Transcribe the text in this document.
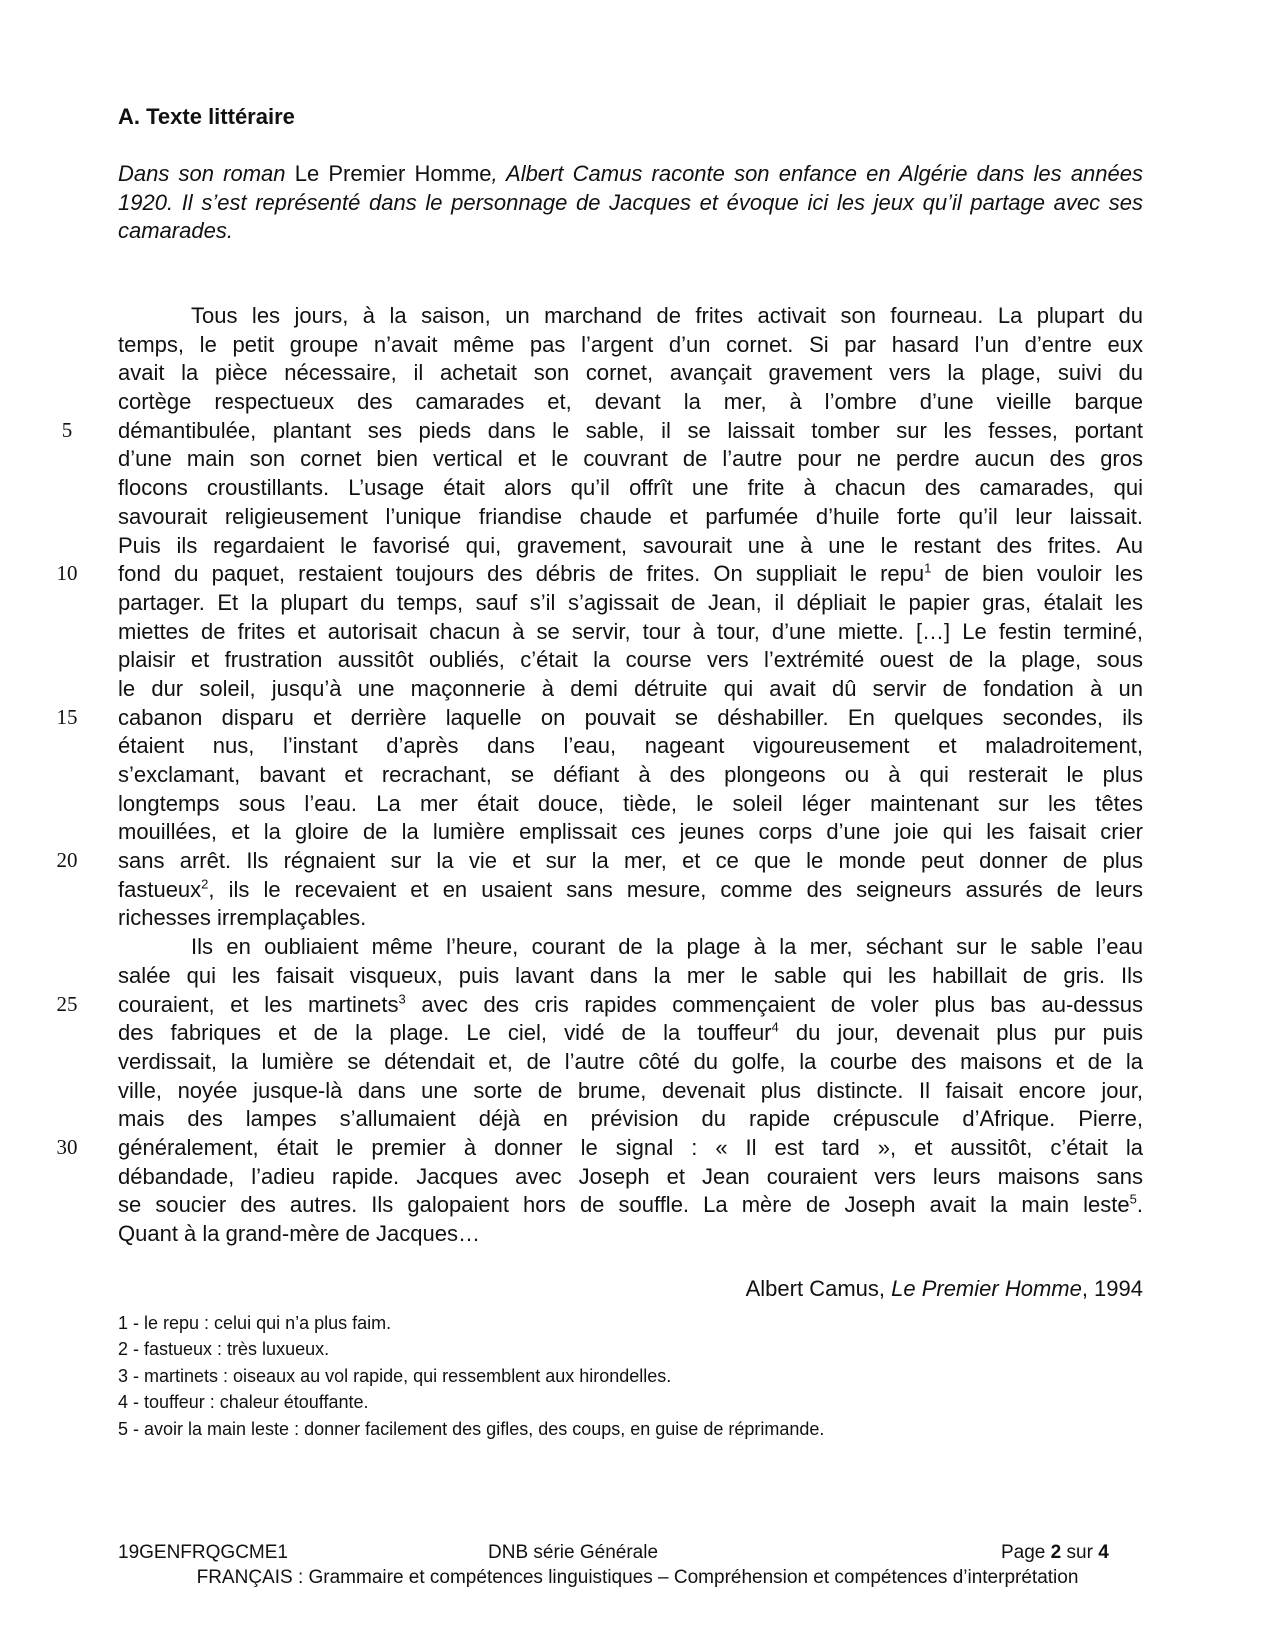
A. Texte littéraire

Dans son roman Le Premier Homme, Albert Camus raconte son enfance en Algérie dans les années 1920. Il s’est représenté dans le personnage de Jacques et évoque ici les jeux qu’il partage avec ses camarades.

Tous les jours, à la saison, un marchand de frites activait son fourneau. La plupart du
temps, le petit groupe n’avait même pas l’argent d’un cornet. Si par hasard l’un d’entre eux
avait la pièce nécessaire, il achetait son cornet, avançait gravement vers la plage, suivi du
cortège respectueux des camarades et, devant la mer, à l’ombre d’une vieille barque
démantibulée, plantant ses pieds dans le sable, il se laissait tomber sur les fesses, portant
d’une main son cornet bien vertical et le couvrant de l’autre pour ne perdre aucun des gros
flocons croustillants. L’usage était alors qu’il offrît une frite à chacun des camarades, qui
savourait religieusement l’unique friandise chaude et parfumée d’huile forte qu’il leur laissait.
Puis ils regardaient le favorisé qui, gravement, savourait une à une le restant des frites. Au
fond du paquet, restaient toujours des débris de frites. On suppliait le repu$^1$ de bien vouloir les
partager. Et la plupart du temps, sauf s’il s’agissait de Jean, il dépliait le papier gras, étalait les
miettes de frites et autorisait chacun à se servir, tour à tour, d’une miette. […] Le festin terminé,
plaisir et frustration aussitôt oubliés, c’était la course vers l’extrémité ouest de la plage, sous
le dur soleil, jusqu’à une maçonnerie à demi détruite qui avait dû servir de fondation à un
cabanon disparu et derrière laquelle on pouvait se déshabiller. En quelques secondes, ils
étaient nus, l’instant d’après dans l’eau, nageant vigoureusement et maladroitement,
s’exclamant, bavant et recrachant, se défiant à des plongeons ou à qui resterait le plus
longtemps sous l’eau. La mer était douce, tiède, le soleil léger maintenant sur les têtes
mouillées, et la gloire de la lumière emplissait ces jeunes corps d’une joie qui les faisait crier
sans arrêt. Ils régnaient sur la vie et sur la mer, et ce que le monde peut donner de plus
fastueux$^2$, ils le recevaient et en usaient sans mesure, comme des seigneurs assurés de leurs
richesses irremplaçables.
Ils en oubliaient même l’heure, courant de la plage à la mer, séchant sur le sable l’eau
salée qui les faisait visqueux, puis lavant dans la mer le sable qui les habillait de gris. Ils
couraient, et les martinets$^3$ avec des cris rapides commençaient de voler plus bas au-dessus
des fabriques et de la plage. Le ciel, vidé de la touffeur$^4$ du jour, devenait plus pur puis
verdissait, la lumière se détendait et, de l’autre côté du golfe, la courbe des maisons et de la
ville, noyée jusque-là dans une sorte de brume, devenait plus distincte. Il faisait encore jour,
mais des lampes s’allumaient déjà en prévision du rapide crépuscule d’Afrique. Pierre,
généralement, était le premier à donner le signal : « Il est tard », et aussitôt, c’était la
débandade, l’adieu rapide. Jacques avec Joseph et Jean couraient vers leurs maisons sans
se soucier des autres. Ils galopaient hors de souffle. La mère de Joseph avait la main leste$^5$.
Quant à la grand-mère de Jacques…
5
10
15
20
25
30

Albert Camus, Le Premier Homme, 1994

1 - le repu : celui qui n’a plus faim.
2 - fastueux : très luxueux.
3 - martinets : oiseaux au vol rapide, qui ressemblent aux hirondelles.
4 - touffeur : chaleur étouffante.
5 - avoir la main leste : donner facilement des gifles, des coups, en guise de réprimande.
19GENFRQGCME1	DNB série Générale	Page 2 sur 4
FRANÇAIS : Grammaire et compétences linguistiques – Compréhension et compétences d’interprétation
